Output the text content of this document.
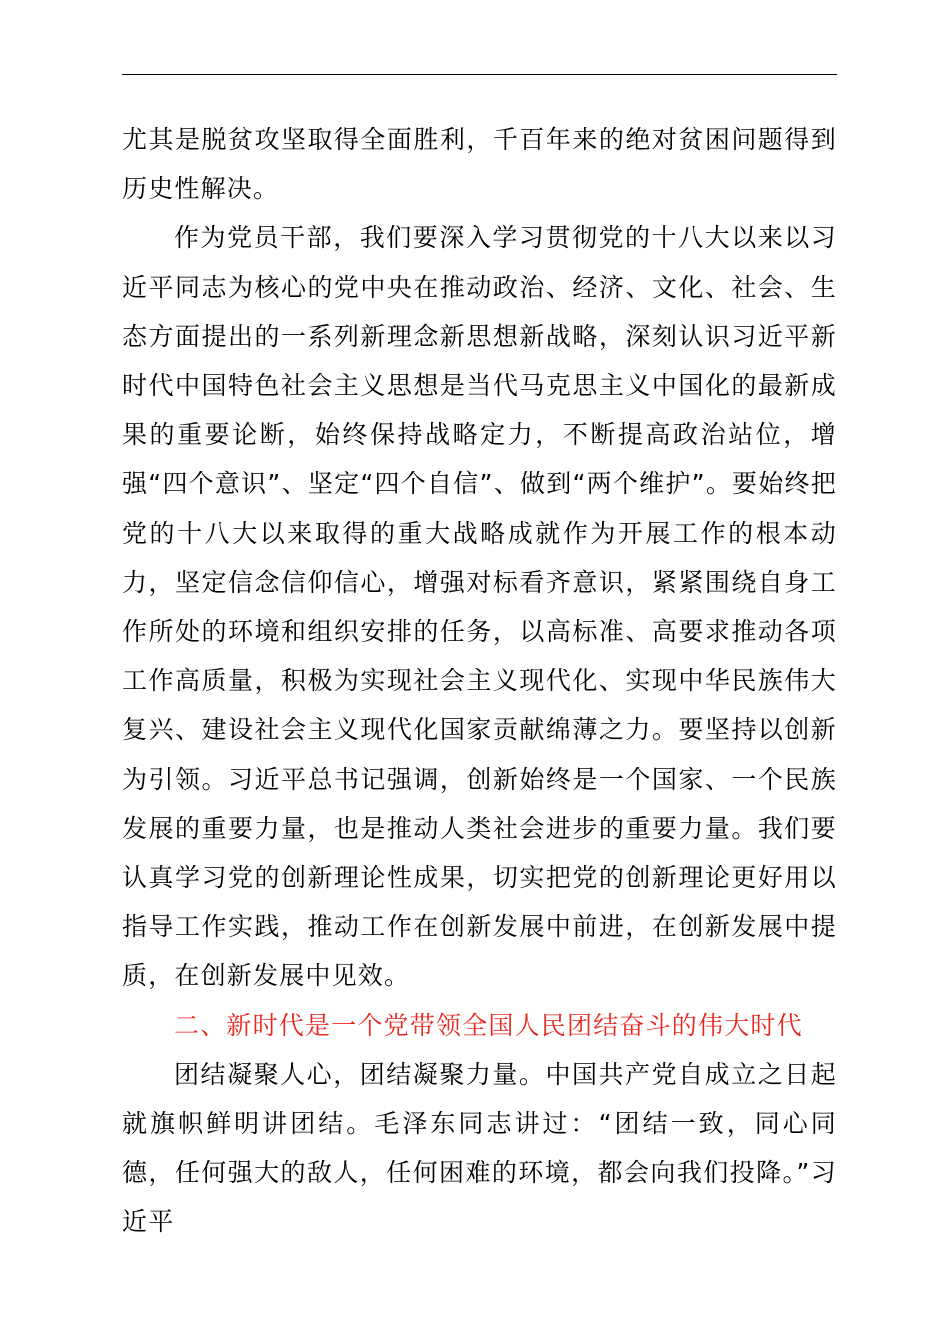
尤其是脱贫攻坚取得全面胜利，千百年来的绝对贫困问题得到历史性解决。

作为党员干部，我们要深入学习贯彻党的十八大以来以习近平同志为核心的党中央在推动政治、经济、文化、社会、生态方面提出的一系列新理念新思想新战略，深刻认识习近平新时代中国特色社会主义思想是当代马克思主义中国化的最新成果的重要论断，始终保持战略定力，不断提高政治站位，增强“四个意识”、坚定“四个自信”、做到“两个维护”。要始终把党的十八大以来取得的重大战略成就作为开展工作的根本动力，坚定信念信仰信心，增强对标看齐意识，紧紧围绕自身工作所处的环境和组织安排的任务，以高标准、高要求推动各项工作高质量，积极为实现社会主义现代化、实现中华民族伟大复兴、建设社会主义现代化国家贡献绵薄之力。要坚持以创新为引领。习近平总书记强调，创新始终是一个国家、一个民族发展的重要力量，也是推动人类社会进步的重要力量。我们要认真学习党的创新理论性成果，切实把党的创新理论更好用以指导工作实践，推动工作在创新发展中前进，在创新发展中提质，在创新发展中见效。

二、新时代是一个党带领全国人民团结奋斗的伟大时代

团结凝聚人心，团结凝聚力量。中国共产党自成立之日起就旗帜鲜明讲团结。毛泽东同志讲过：“团结一致，同心同德，任何强大的敌人，任何困难的环境，都会向我们投降。”习近平
